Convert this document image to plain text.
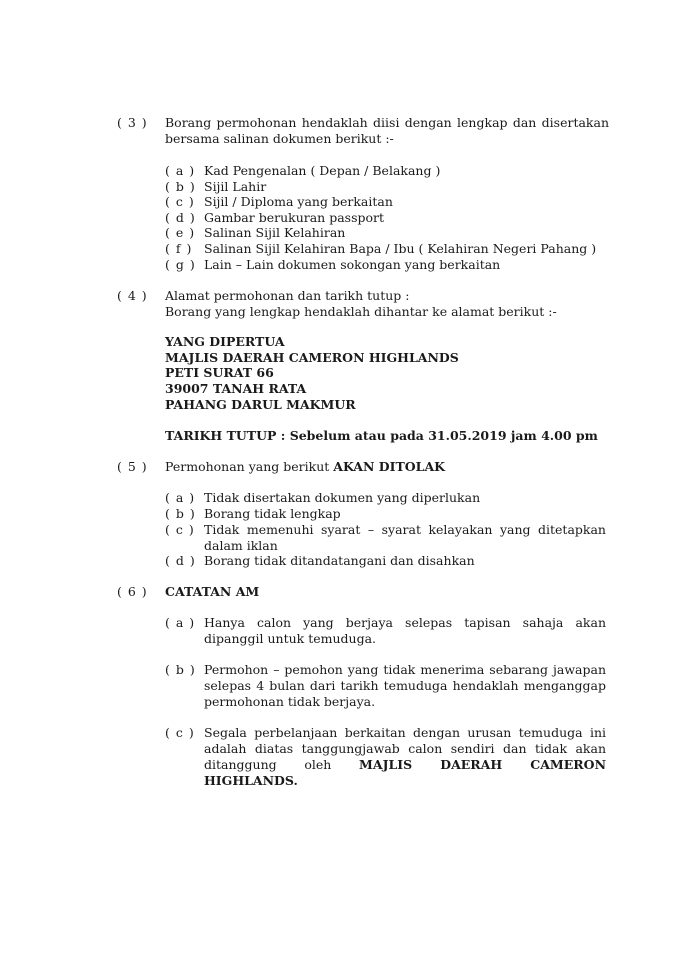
( 3 )	Borang permohonan hendaklah diisi dengan lengkap dan disertakan bersama salinan dokumen berikut :-
( a ) Kad Pengenalan ( Depan / Belakang )
( b ) Sijil Lahir
( c ) Sijil / Diploma yang berkaitan
( d ) Gambar berukuran passport
( e ) Salinan Sijil Kelahiran
( f ) Salinan Sijil Kelahiran Bapa / Ibu ( Kelahiran Negeri Pahang )
( g ) Lain – Lain dokumen sokongan yang berkaitan
( 4 )	Alamat permohonan dan tarikh tutup :
Borang yang lengkap hendaklah dihantar ke alamat berikut :-
YANG DIPERTUA
MAJLIS DAERAH CAMERON HIGHLANDS
PETI SURAT 66
39007 TANAH RATA
PAHANG DARUL MAKMUR
TARIKH TUTUP : Sebelum atau pada 31.05.2019 jam 4.00 pm
( 5 )	Permohonan yang berikut AKAN DITOLAK
( a ) Tidak disertakan dokumen yang diperlukan
( b ) Borang tidak lengkap
( c ) Tidak memenuhi syarat – syarat kelayakan yang ditetapkan dalam iklan
( d ) Borang tidak ditandatangani dan disahkan
( 6 )	CATATAN AM
( a ) Hanya calon yang berjaya selepas tapisan sahaja akan dipanggil untuk temuduga.
( b ) Permohon – pemohon yang tidak menerima sebarang jawapan selepas 4 bulan dari tarikh temuduga hendaklah menganggap permohonan tidak berjaya.
( c ) Segala perbelanjaan berkaitan dengan urusan temuduga ini adalah diatas tanggungjawab calon sendiri dan tidak akan ditanggung oleh MAJLIS DAERAH CAMERON HIGHLANDS.
